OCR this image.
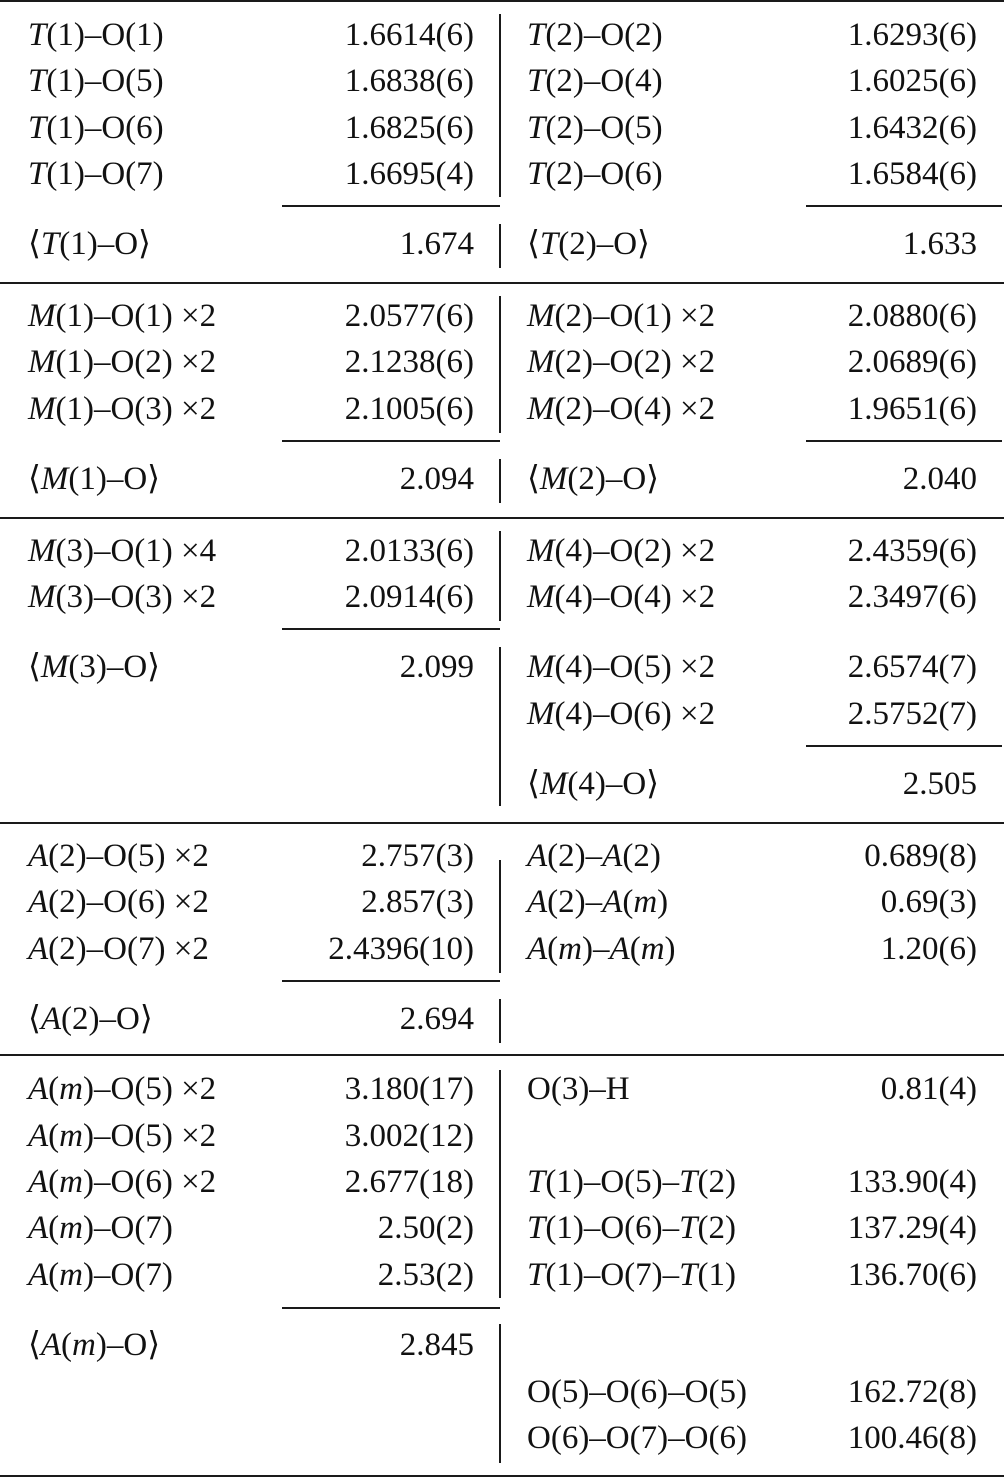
T(1)–O(1)	1.6614(6)
T(1)–O(5)	1.6838(6)
T(1)–O(6)	1.6825(6)
T(1)–O(7)	1.6695(4)
⟨T(1)–O⟩	1.674
T(2)–O(2)	1.6293(6)
T(2)–O(4)	1.6025(6)
T(2)–O(5)	1.6432(6)
T(2)–O(6)	1.6584(6)
⟨T(2)–O⟩	1.633
M(1)–O(1) ×2	2.0577(6)
M(1)–O(2) ×2	2.1238(6)
M(1)–O(3) ×2	2.1005(6)
⟨M(1)–O⟩	2.094
M(2)–O(1) ×2	2.0880(6)
M(2)–O(2) ×2	2.0689(6)
M(2)–O(4) ×2	1.9651(6)
⟨M(2)–O⟩	2.040
M(3)–O(1) ×4	2.0133(6)
M(3)–O(3) ×2	2.0914(6)
⟨M(3)–O⟩	2.099
M(4)–O(2) ×2	2.4359(6)
M(4)–O(4) ×2	2.3497(6)
M(4)–O(5) ×2	2.6574(7)
M(4)–O(6) ×2	2.5752(7)
⟨M(4)–O⟩	2.505
A(2)–O(5) ×2	2.757(3)
A(2)–O(6) ×2	2.857(3)
A(2)–O(7) ×2	2.4396(10)
⟨A(2)–O⟩	2.694
A(2)–A(2)	0.689(8)
A(2)–A(m)	0.69(3)
A(m)–A(m)	1.20(6)
A(m)–O(5) ×2	3.180(17)
A(m)–O(5) ×2	3.002(12)
A(m)–O(6) ×2	2.677(18)
A(m)–O(7)	2.50(2)
A(m)–O(7)	2.53(2)
⟨A(m)–O⟩	2.845
O(3)–H	0.81(4)
T(1)–O(5)–T(2)	133.90(4)
T(1)–O(6)–T(2)	137.29(4)
T(1)–O(7)–T(1)	136.70(6)
O(5)–O(6)–O(5)	162.72(8)
O(6)–O(7)–O(6)	100.46(8)
